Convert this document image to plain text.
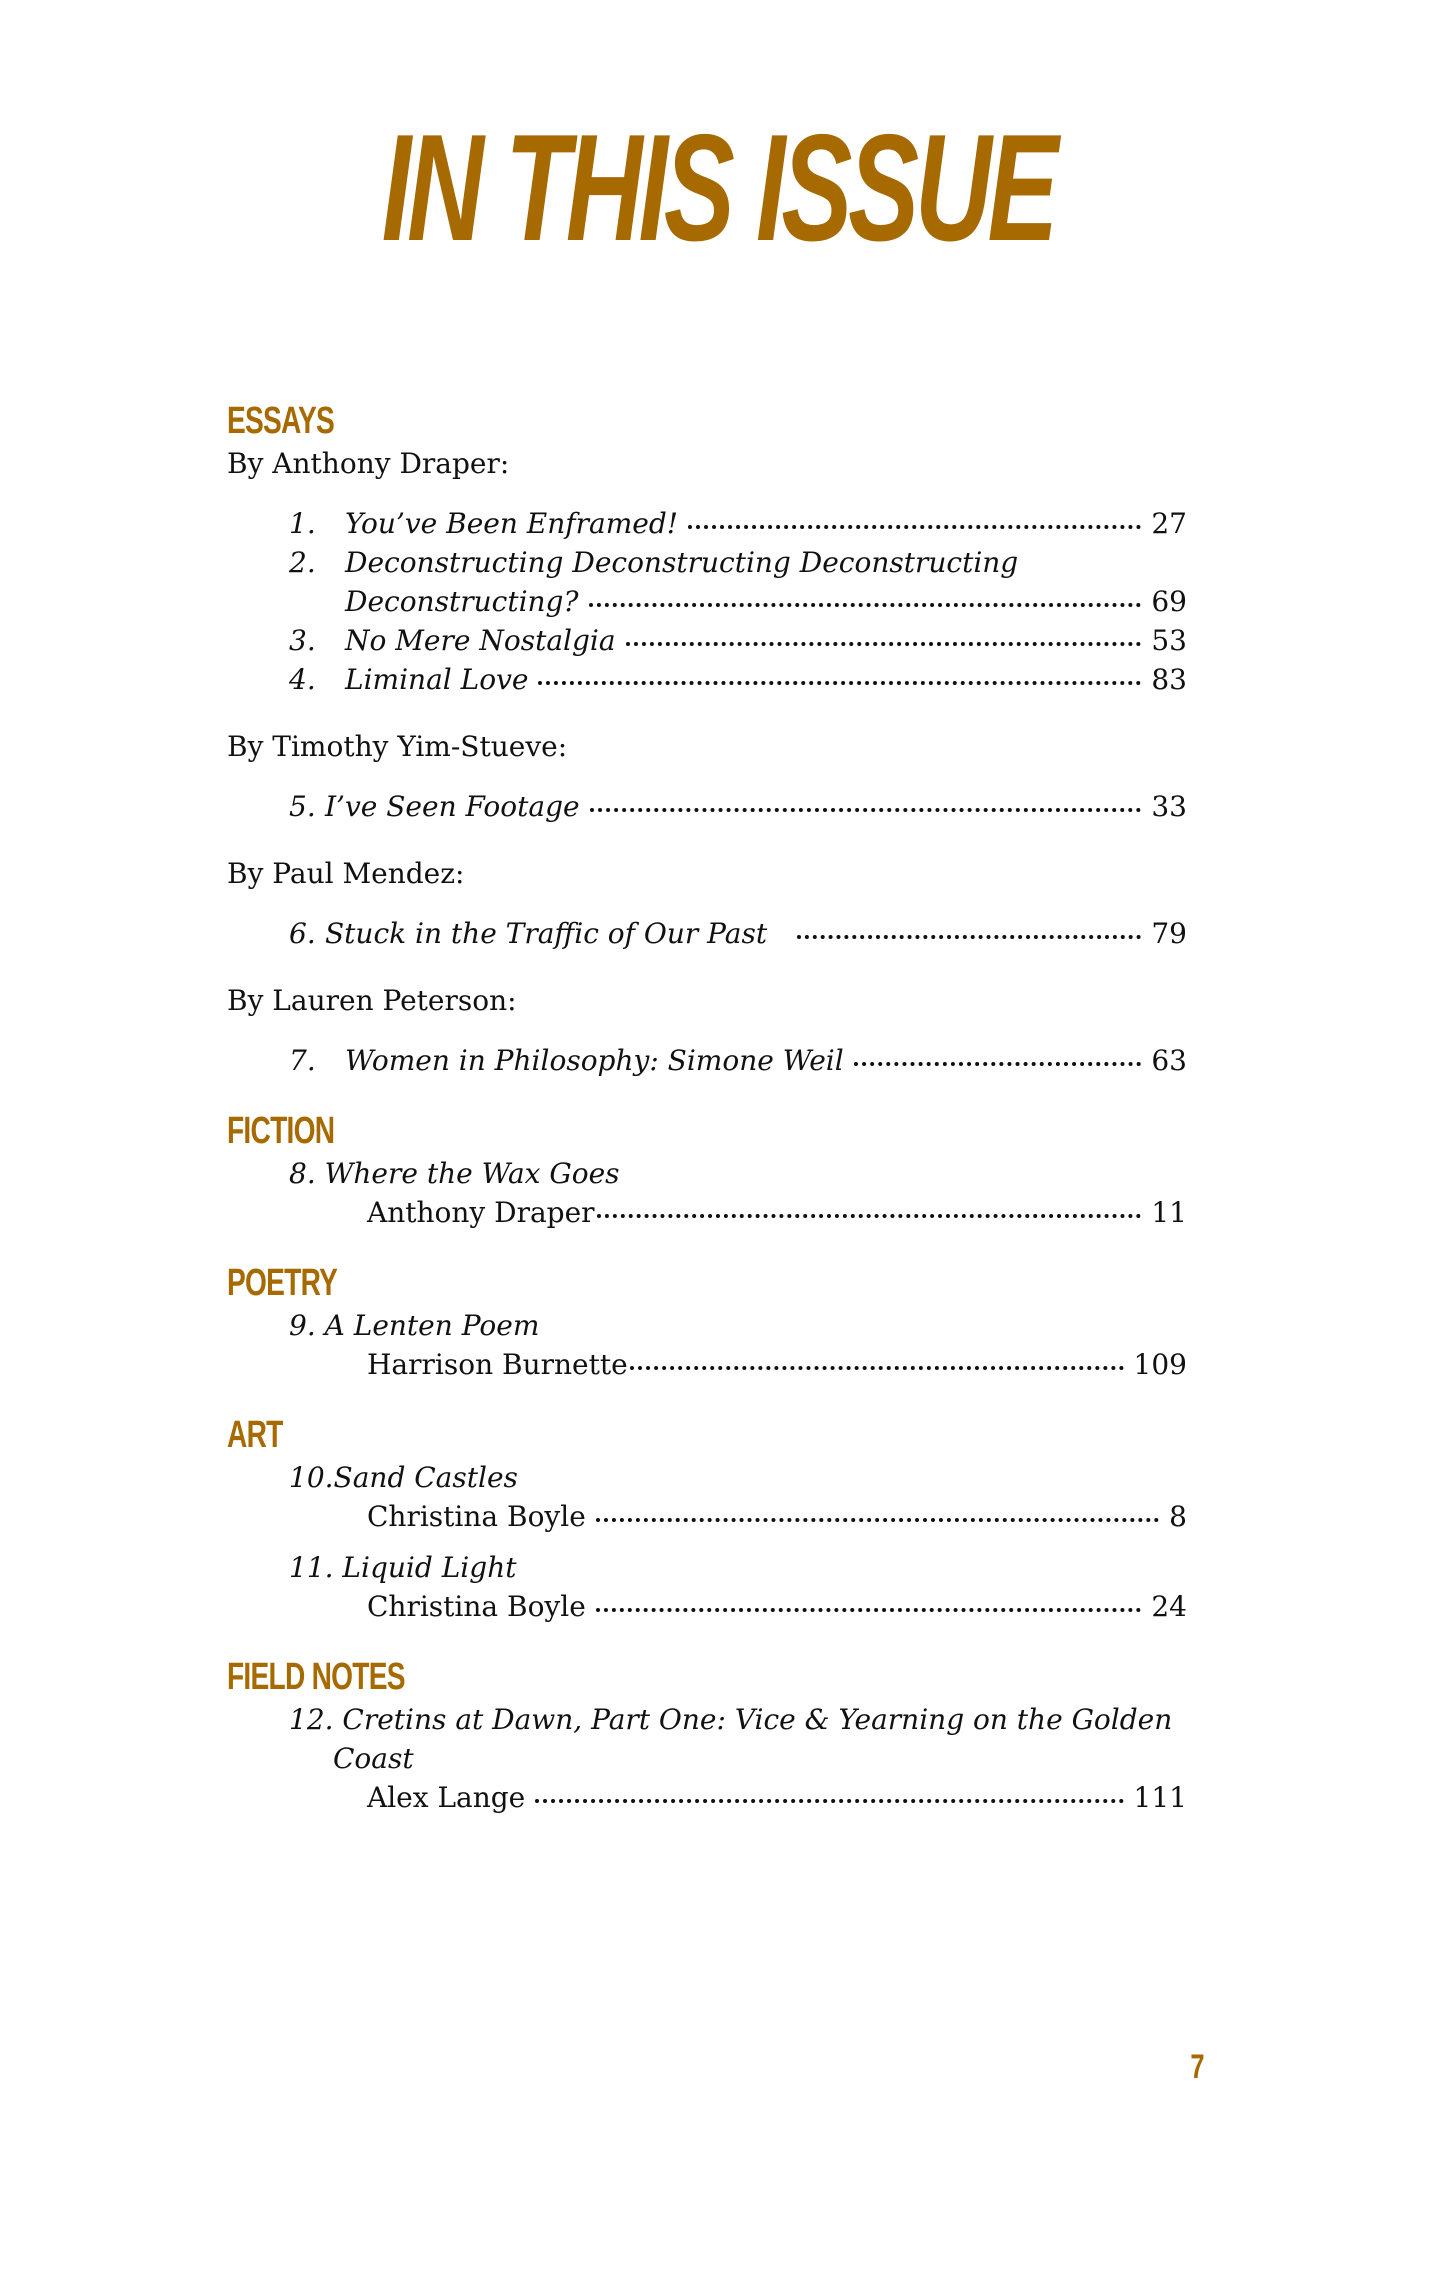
IN THIS ISSUE
ESSAYS

By Anthony Draper:

1.	You’ve Been Enframed!	27
2.	Deconstructing Deconstructing Deconstructing
Deconstructing?	69
3.	No Mere Nostalgia	53
4.	Liminal Love	83

By Timothy Yim-Stueve:

5. I’ve Seen Footage	33

By Paul Mendez:

6. Stuck in the Traffic of Our Past	79

By Lauren Peterson:

7.	Women in Philosophy: Simone Weil	63
FICTION
8. Where the Wax Goes
Anthony Draper	11
POETRY
9. A Lenten Poem
Harrison Burnette	109
ART
10.Sand Castles
Christina Boyle	8
11. Liquid Light
Christina Boyle	24
FIELD NOTES
12. Cretins at Dawn, Part One: Vice & Yearning on the Golden
Coast
Alex Lange	111
7
